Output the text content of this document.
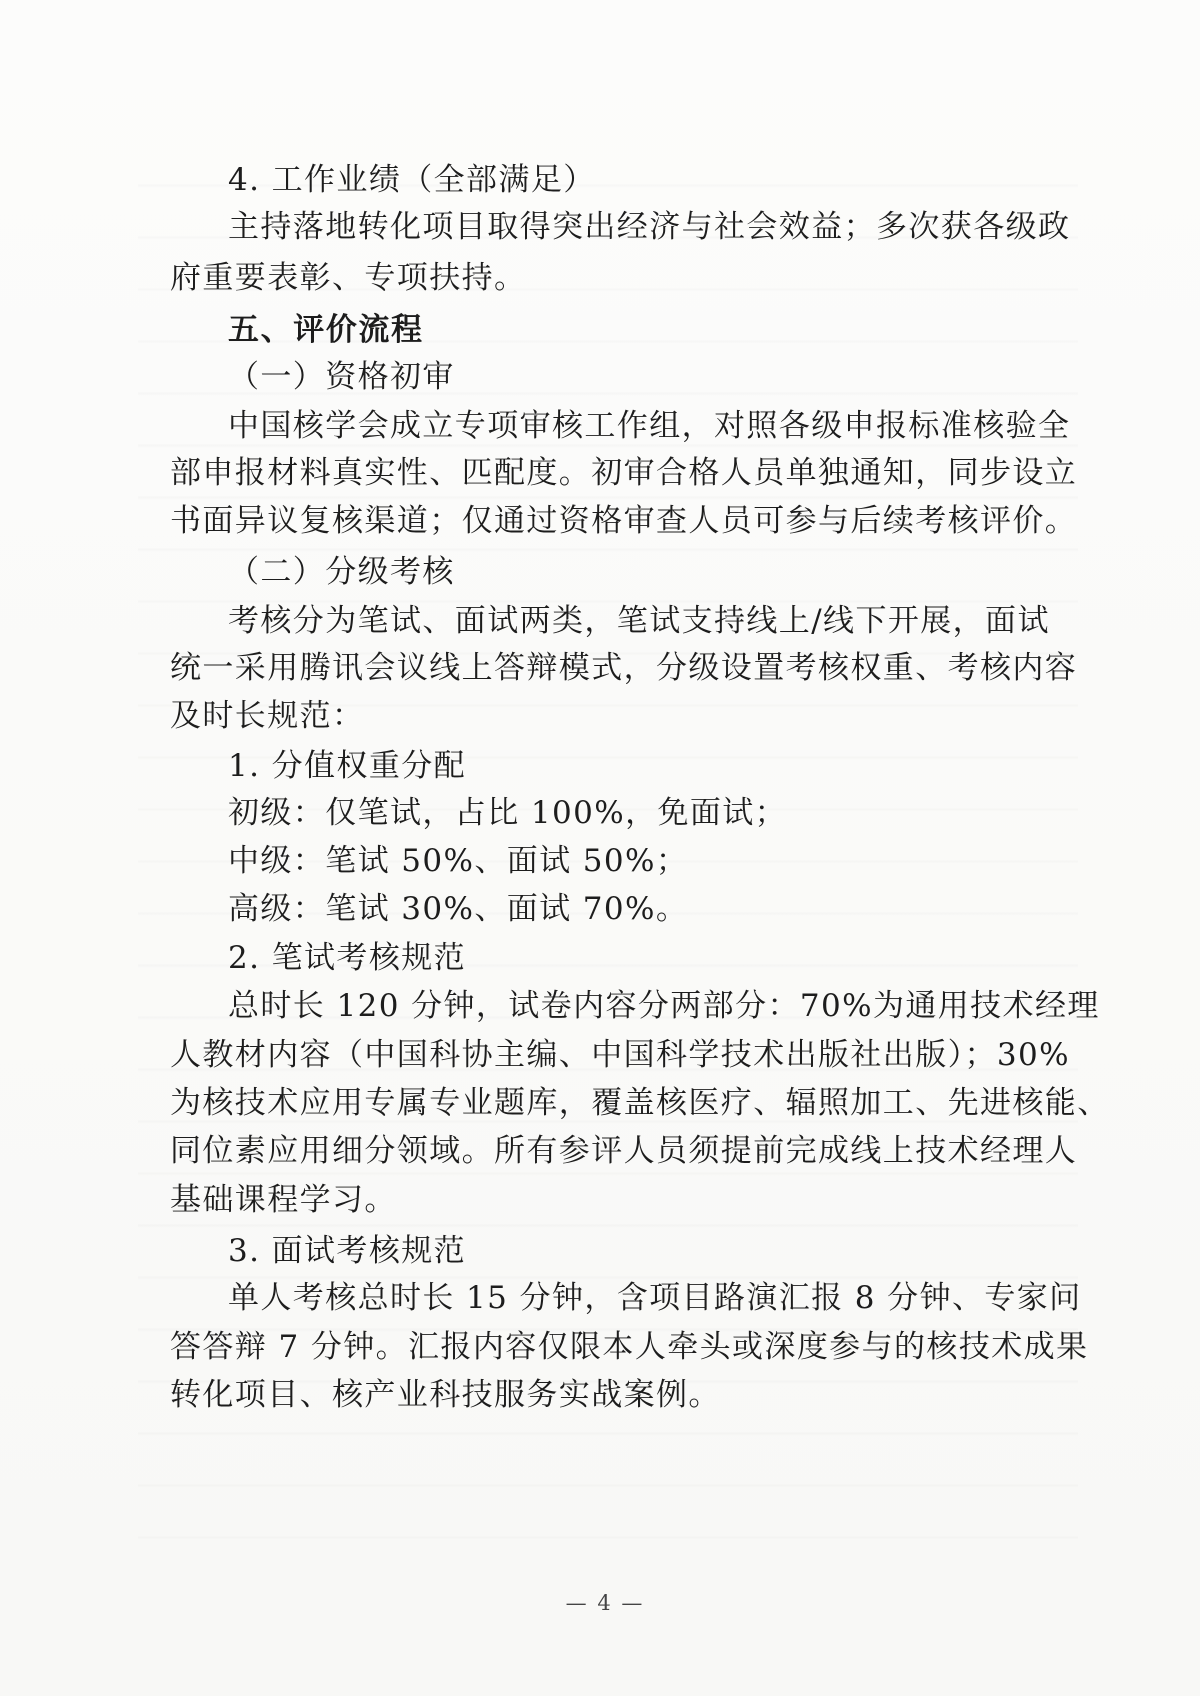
4. 工作业绩（全部满足）
主持落地转化项目取得突出经济与社会效益；多次获各级政
府重要表彰、专项扶持。
五、评价流程
（一）资格初审
中国核学会成立专项审核工作组，对照各级申报标准核验全
部申报材料真实性、匹配度。初审合格人员单独通知，同步设立
书面异议复核渠道；仅通过资格审查人员可参与后续考核评价。
（二）分级考核
考核分为笔试、面试两类，笔试支持线上/线下开展，面试
统一采用腾讯会议线上答辩模式，分级设置考核权重、考核内容
及时长规范：
1. 分值权重分配
初级：仅笔试，占比 100%，免面试；
中级：笔试 50%、面试 50%；
高级：笔试 30%、面试 70%。
2. 笔试考核规范
总时长 120 分钟，试卷内容分两部分：70%为通用技术经理
人教材内容（中国科协主编、中国科学技术出版社出版）；30%
为核技术应用专属专业题库，覆盖核医疗、辐照加工、先进核能、
同位素应用细分领域。所有参评人员须提前完成线上技术经理人
基础课程学习。
3. 面试考核规范
单人考核总时长 15 分钟，含项目路演汇报 8 分钟、专家问
答答辩 7 分钟。汇报内容仅限本人牵头或深度参与的核技术成果
转化项目、核产业科技服务实战案例。
— 4 —
